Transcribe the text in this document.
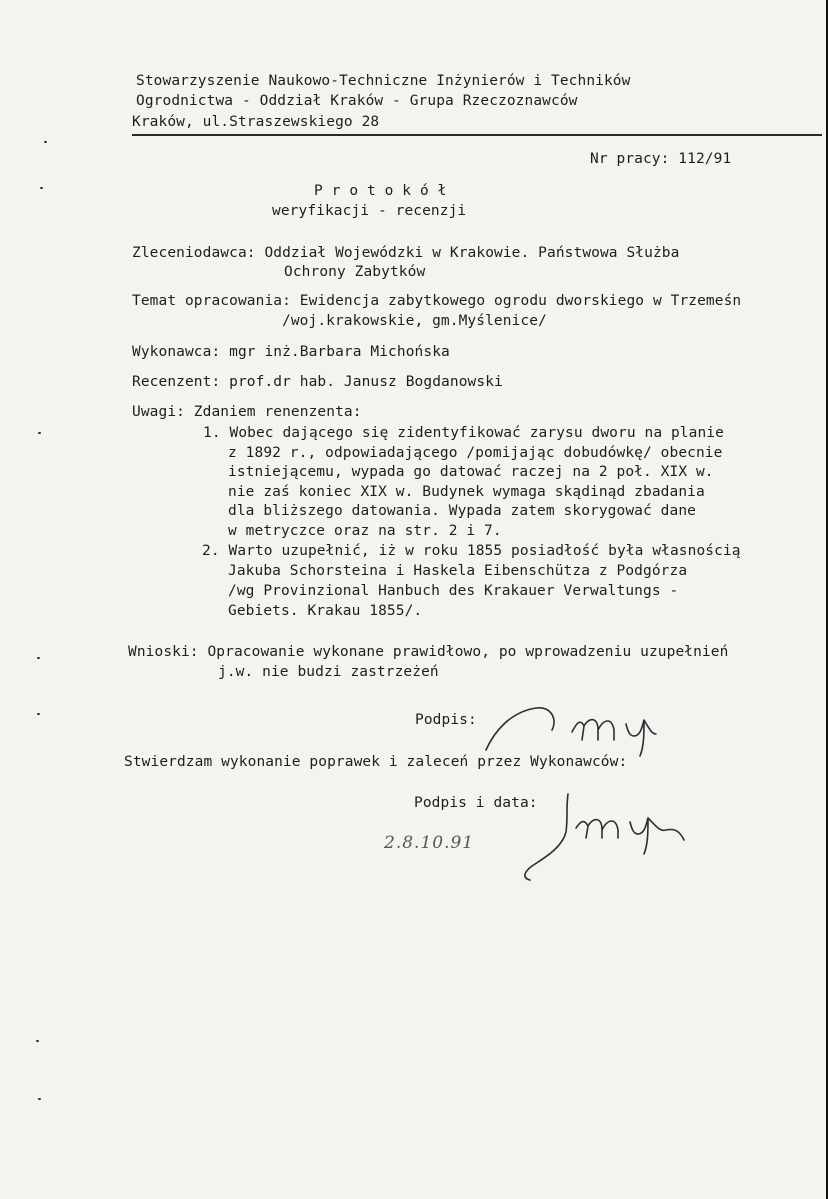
Stowarzyszenie Naukowo-Techniczne Inżynierów i Techników
Ogrodnictwa - Oddział Kraków - Grupa Rzeczoznawców
Kraków, ul.Straszewskiego 28
Nr pracy: 112/91
P r o t o k ó ł
weryfikacji - recenzji
Zleceniodawca: Oddział Wojewódzki w Krakowie. Państwowa Służba
Ochrony Zabytków
Temat opracowania: Ewidencja zabytkowego ogrodu dworskiego w Trzemeśn
/woj.krakowskie, gm.Myślenice/
Wykonawca: mgr inż.Barbara Michońska
Recenzent: prof.dr hab. Janusz Bogdanowski
Uwagi: Zdaniem renenzenta:
1. Wobec dającego się zidentyfikować zarysu dworu na planie
z 1892 r., odpowiadającego /pomijając dobudówkę/ obecnie
istniejącemu, wypada go datować raczej na 2 poł. XIX w.
nie zaś koniec XIX w. Budynek wymaga skądinąd zbadania
dla bliższego datowania. Wypada zatem skorygować dane
w metryczce oraz na str. 2 i 7.
2. Warto uzupełnić, iż w roku 1855 posiadłość była własnością
Jakuba Schorsteina i Haskela Eibenschütza z Podgórza
/wg Provinzional Hanbuch des Krakauer Verwaltungs -
Gebiets. Krakau 1855/.
Wnioski: Opracowanie wykonane prawidłowo, po wprowadzeniu uzupełnień
j.w. nie budzi zastrzeżeń
Podpis:
Stwierdzam wykonanie poprawek i zaleceń przez Wykonawców:
Podpis i data:
2.8.10.91
